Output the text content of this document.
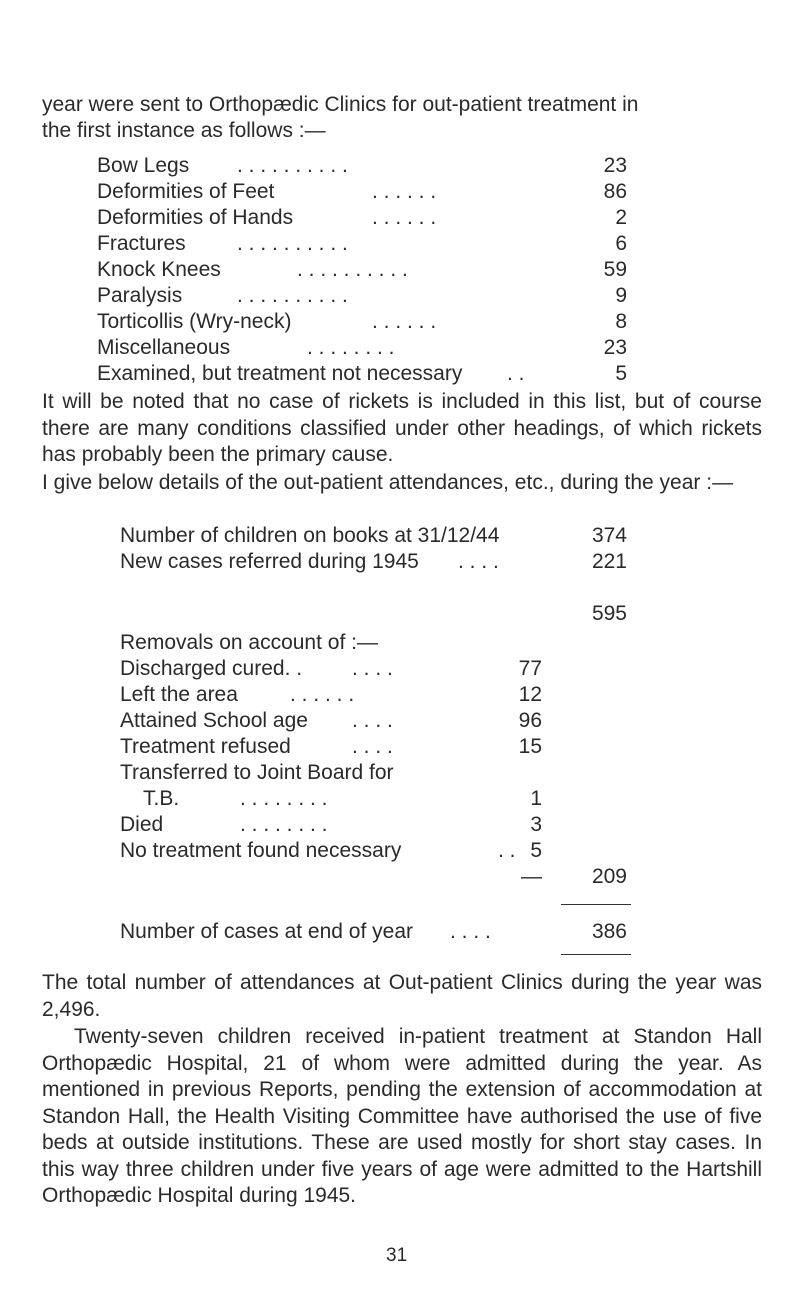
year were sent to Orthopædic Clinics for out-patient treatment in
the first instance as follows :—
Bow Legs . . . . . . . . . .	23
Deformities of Feet	. . . . . .	86
Deformities of Hands	. . . . . .	2
Fractures . . . . . . . . . .	6
Knock Knees	. . . . . . . . . .	59
Paralysis	. . . . . . . . . .	9
Torticollis (Wry-neck)	. . . . . .	8
Miscellaneous	. . . . . . . .	23
Examined, but treatment not necessary . .	5
It will be noted that no case of rickets is included in this list, but of course there are many conditions classified under other headings, of which rickets has probably been the primary cause.
I give below details of the out-patient attendances, etc., during the year :—
Number of children on books at 31/12/44	374
New cases referred during 1945 . . . .	221
595
Removals on account of :—
Discharged cured. . . . . .	77
Left the area . . . . . .	12
Attained School age . . . .	96
Treatment refused	. . . .	15
Transferred to Joint Board for
T.B.	. . . . . . . .	1
Died	. . . . . . . .	3
No treatment found necessary	. . 5
—	209
Number of cases at end of year . . . .	386
The total number of attendances at Out-patient Clinics during the year was 2,496.
Twenty-seven children received in-patient treatment at Standon Hall Orthopædic Hospital, 21 of whom were admitted during the year. As mentioned in previous Reports, pending the extension of accommodation at Standon Hall, the Health Visiting Committee have authorised the use of five beds at outside institutions. These are used mostly for short stay cases. In this way three children under five years of age were admitted to the Hartshill Orthopædic Hospital during 1945.
31
